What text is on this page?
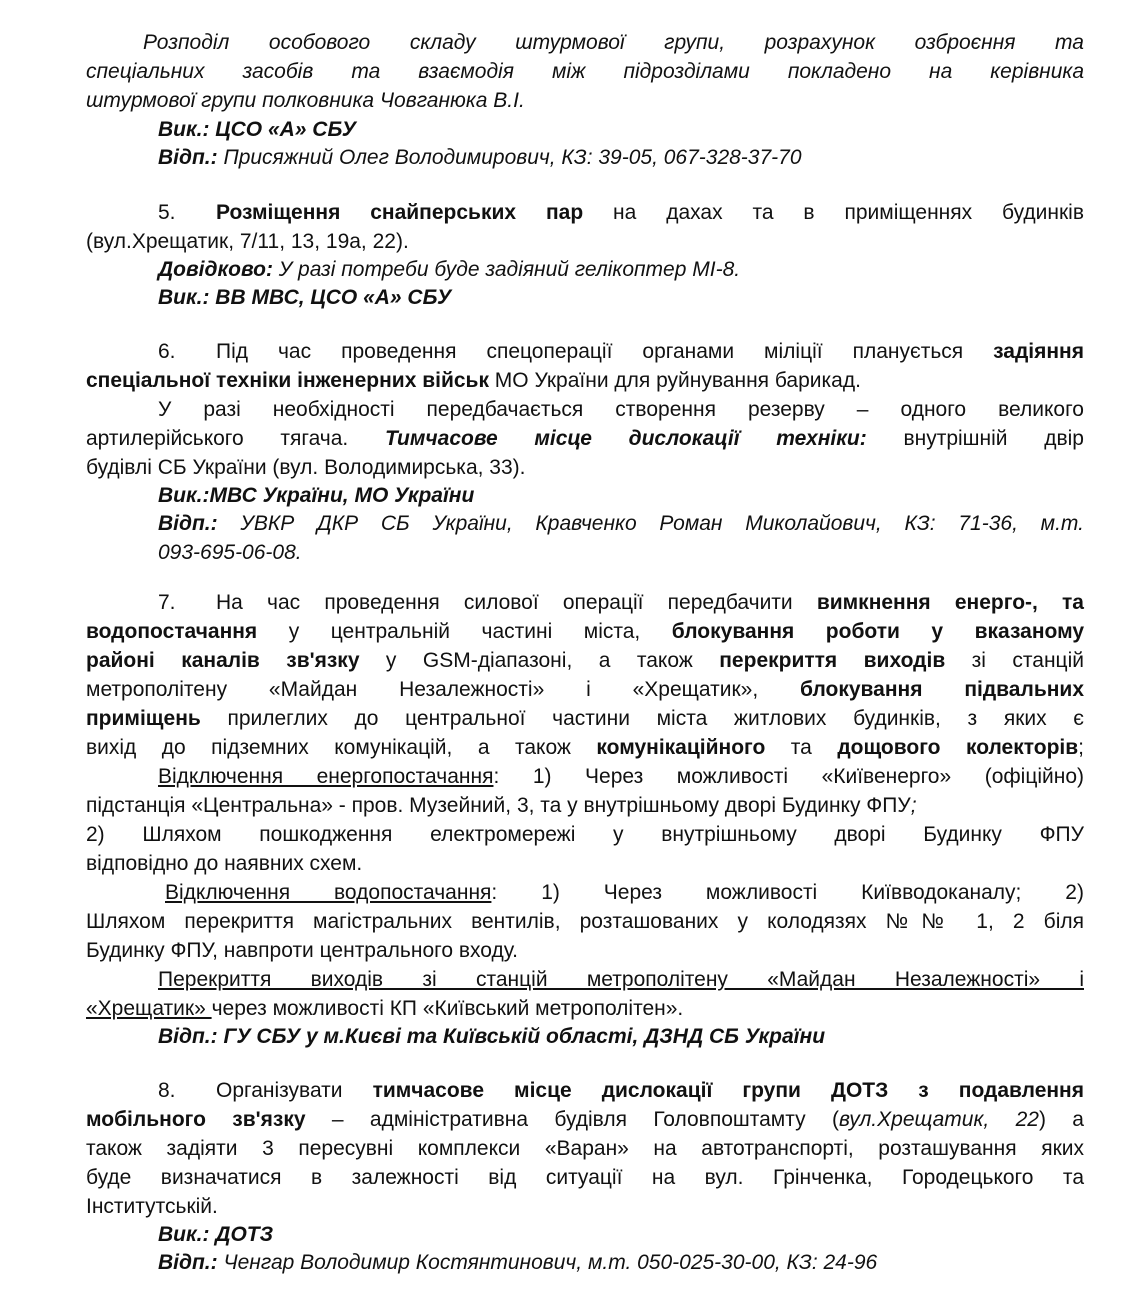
Розподіл особового складу штурмової групи, розрахунок озброєння та
спеціальних засобів та взаємодія між підрозділами покладено на керівника
штурмової групи полковника Човганюка В.І.
Вик.: ЦСО «А» СБУ
Відп.: Присяжний Олег Володимирович, КЗ: 39-05, 067-328-37-70
5. Розміщення снайперських пар на дахах та в приміщеннях будинків
(вул.Хрещатик, 7/11, 13, 19а, 22).
Довідково: У разі потреби буде задіяний гелікоптер МІ-8.
Вик.: ВВ МВС, ЦСО «А» СБУ
6. Під час проведення спецоперації органами міліції планується задіяння
спеціальної техніки інженерних військ МО України для руйнування барикад.
У разі необхідності передбачається створення резерву – одного великого
артилерійського тягача. Тимчасове місце дислокації техніки: внутрішній двір
будівлі СБ України (вул. Володимирська, 33).
Вик.:МВС України, МО України
Відп.: УВКР ДКР СБ України, Кравченко Роман Миколайович, КЗ: 71-36, м.т.
093-695-06-08.
7. На час проведення силової операції передбачити вимкнення енерго-, та
водопостачання у центральній частині міста, блокування роботи у вказаному
районі каналів зв'язку у GSM-діапазоні, а також перекриття виходів зі станцій
метрополітену «Майдан Незалежності» і «Хрещатик», блокування підвальних
приміщень прилеглих до центральної частини міста житлових будинків, з яких є
вихід до підземних комунікацій, а також комунікаційного та дощового колекторів;
Відключення енергопостачання: 1) Через можливості «Київенерго» (офіційно)
підстанція «Центральна» - пров. Музейний, 3, та у внутрішньому дворі Будинку ФПУ;
2) Шляхом пошкодження електромережі у внутрішньому дворі Будинку ФПУ
відповідно до наявних схем.
Відключення водопостачання: 1) Через можливості Київводоканалу; 2)
Шляхом перекриття магістральних вентилів, розташованих у колодязях №№ 1, 2 біля
Будинку ФПУ, навпроти центрального входу.
Перекриття виходів зі станцій метрополітену «Майдан Незалежності» і
«Хрещатик» через можливості КП «Київський метрополітен».
Відп.: ГУ СБУ у м.Києві та Київській області, ДЗНД СБ України
8. Організувати тимчасове місце дислокації групи ДОТЗ з подавлення
мобільного зв'язку – адміністративна будівля Головпоштамту (вул.Хрещатик, 22) а
також задіяти 3 пересувні комплекси «Варан» на автотранспорті, розташування яких
буде визначатися в залежності від ситуації на вул. Грінченка, Городецького та
Інститутській.
Вик.: ДОТЗ
Відп.: Ченгар Володимир Костянтинович, м.т. 050-025-30-00, КЗ: 24-96
